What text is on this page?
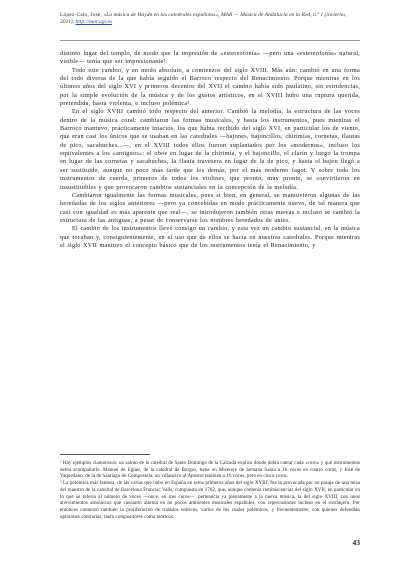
López-Calo, José, «La música de Haydn en las catedrales españolas», MAR — Música de Andalucía en la Red, n.º 1 (invierno, 2011), http://mar.ugr.es

distinto lugar del templo, de modo que la impresión de «estereofonía» —pero una «estereofonía» natural, visible— tenía que ser impresionante².

Todo este cambio, y en modo absoluto, a comienzos del siglo XVIII. Más aún: cambió en una forma del todo diversa de la que había seguido el Barroco respecto del Renacimiento. Porque mientras en los últimos años del siglo XVI y primeros decenios del XVII el cambio había sido paulatino, sin estridencias, por la simple evolución de la música y de los gustos artísticos, en el XVIII hubo una ruptura querida, pretendida, hasta violenta, e incluso polémica³.

En el siglo XVIII cambió todo respecto del anterior. Cambió la melodía, la estructura de las voces dentro de la música coral: cambiaron las formas musicales, y hasta los instrumentos, pues mientras el Barroco mantuvo, prácticamente intactos, los que había recibido del siglo XVI, en particular los de viento, que eran casi los únicos que se usaban en las catedrales —bajones, bajoncillos, chirimías, cornetas, flautas de pico, sacabuches...—, en el XVIII todos ellos fueron suplantados por los «modernos», incluso los equivalentes a los «antiguos»: el oboe en lugar de la chirimía, y el bajoncillo, el clarín y luego la trompa en lugar de las cornetas y sacabuches, la flauta travesera en lugar de la de pico, y hasta el bajón llegó a ser sustituido, aunque no poco más tarde que los demás, por el más moderno fagot. Y sobre todo los instrumentos de cuerda, primeros de todos los violines, que pronto, muy pronto, se convirtieron en insustituibles y que provocaron cambios sustanciales en la concepción de la melodía.

Cambiaron igualmente las formas musicales, pues si bien, en general, se mantuvieron algunas de las heredadas de los siglos anteriores —pero ya concebidas en modo prácticamente nuevo, de tal manera que casi con igualdad es más aparente que real—, se introdujeron también otras nuevas e incluso se cambió la estructura de las antiguas, a pesar de conservarse los nombres heredados de antes.

El cambio de los instrumentos llevó consigo un cambio, y esta vez un cambio sustancial, en la música que tocaban y, consiguientemente, en el uso que de ellos se hacía en nuestras catedrales. Porque mientras el siglo XVII mantuvo el concepto básico que de los instrumentos tenía el Renacimiento, y

² Hay ejemplos clamorosos: un salmo de la catedral de Santo Domingo de la Calzada explica dónde debía cantar cada «coro» y qué instrumentos debía acompañarlo. Manuel de Egüés, de la catedral de Burgos, tiene un Miserere de Semana Santa a 16 voces en cuatro coros, y José de Vaquedano, de la de Santiago de Compostela, un villancico al Apóstol también a 16 voces, pero en cinco coros.

³ La polémica más famosa, de las varias que hubo en España en estos primeros años del siglo XVIII, fue la provocada por un pasaje de una misa del maestro de la catedral de Barcelona Francisc Valls, compuesta en 1702, que, aunque contenía reminiscencias del siglo XVII, en particular en lo que se refería al número de voces —once, en tres coros—, pertenecía ya plenamente a la nueva música, la del siglo XVIII, con unos atrevimientos armónicos que causaron alarma en no pocos ambientes musicales españoles, con repercusiones incluso en el extranjero. Por entonces comenzó también la proliferación de tratados teóricos, varios de los cuales polémicos, y frecuentemente, con quienes defendían opiniones contrarias, tanto compositores como teóricos.

43
